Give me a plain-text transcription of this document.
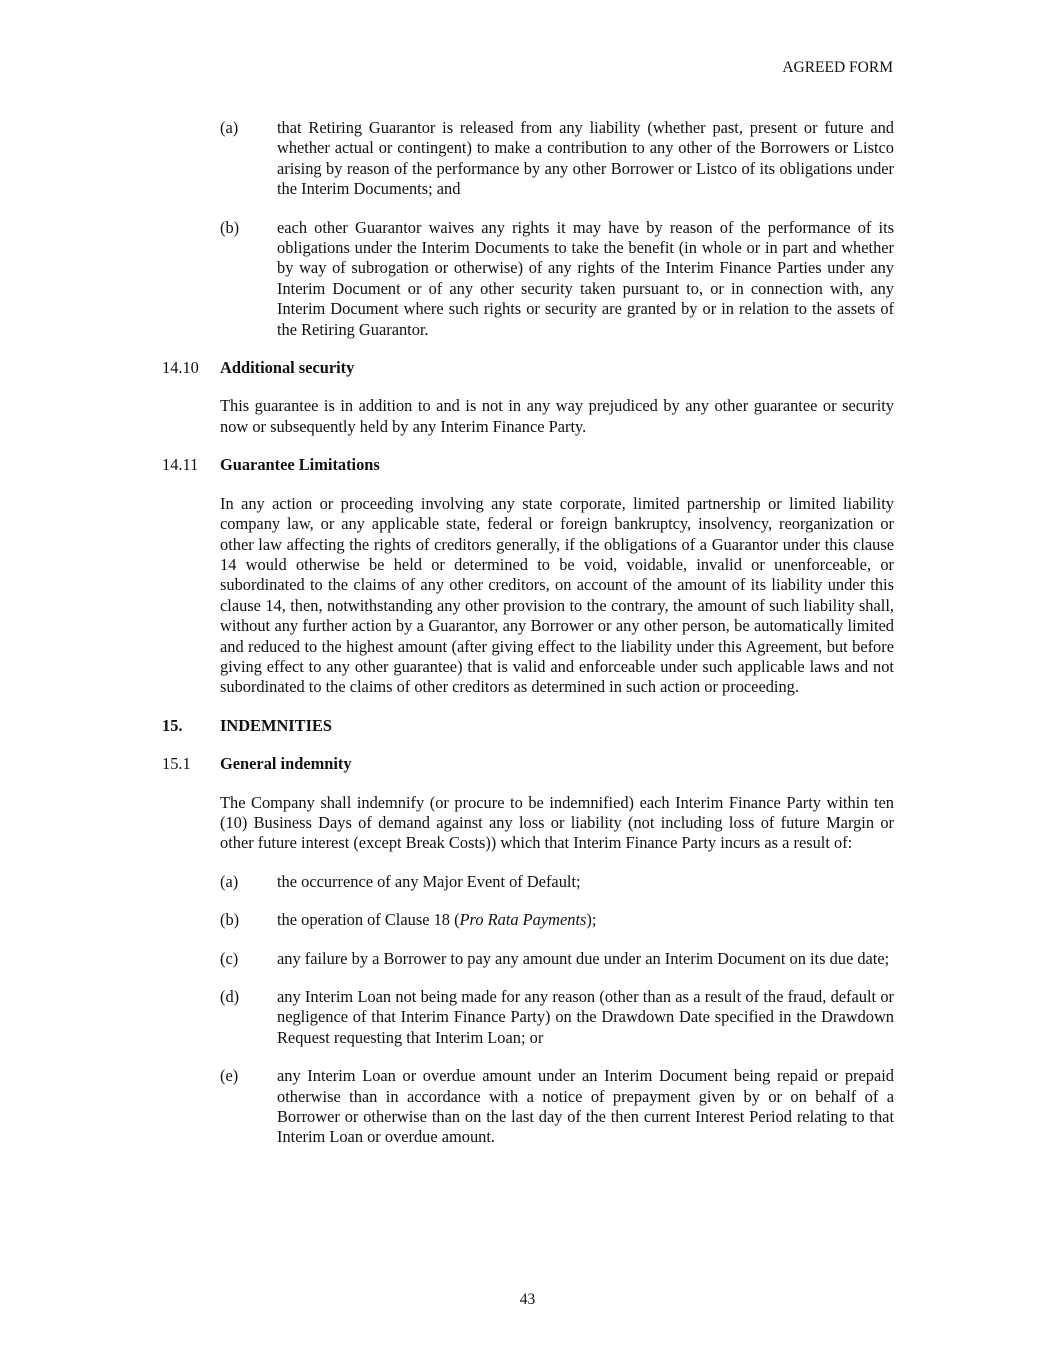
AGREED FORM
(a)	that Retiring Guarantor is released from any liability (whether past, present or future and whether actual or contingent) to make a contribution to any other of the Borrowers or Listco arising by reason of the performance by any other Borrower or Listco of its obligations under the Interim Documents; and
(b)	each other Guarantor waives any rights it may have by reason of the performance of its obligations under the Interim Documents to take the benefit (in whole or in part and whether by way of subrogation or otherwise) of any rights of the Interim Finance Parties under any Interim Document or of any other security taken pursuant to, or in connection with, any Interim Document where such rights or security are granted by or in relation to the assets of the Retiring Guarantor.
14.10	Additional security
This guarantee is in addition to and is not in any way prejudiced by any other guarantee or security now or subsequently held by any Interim Finance Party.
14.11	Guarantee Limitations
In any action or proceeding involving any state corporate, limited partnership or limited liability company law, or any applicable state, federal or foreign bankruptcy, insolvency, reorganization or other law affecting the rights of creditors generally, if the obligations of a Guarantor under this clause 14 would otherwise be held or determined to be void, voidable, invalid or unenforceable, or subordinated to the claims of any other creditors, on account of the amount of its liability under this clause 14, then, notwithstanding any other provision to the contrary, the amount of such liability shall, without any further action by a Guarantor, any Borrower or any other person, be automatically limited and reduced to the highest amount (after giving effect to the liability under this Agreement, but before giving effect to any other guarantee) that is valid and enforceable under such applicable laws and not subordinated to the claims of other creditors as determined in such action or proceeding.
15.	INDEMNITIES
15.1	General indemnity
The Company shall indemnify (or procure to be indemnified) each Interim Finance Party within ten (10) Business Days of demand against any loss or liability (not including loss of future Margin or other future interest (except Break Costs)) which that Interim Finance Party incurs as a result of:
(a)	the occurrence of any Major Event of Default;
(b)	the operation of Clause 18 (Pro Rata Payments);
(c)	any failure by a Borrower to pay any amount due under an Interim Document on its due date;
(d)	any Interim Loan not being made for any reason (other than as a result of the fraud, default or negligence of that Interim Finance Party) on the Drawdown Date specified in the Drawdown Request requesting that Interim Loan; or
(e)	any Interim Loan or overdue amount under an Interim Document being repaid or prepaid otherwise than in accordance with a notice of prepayment given by or on behalf of a Borrower or otherwise than on the last day of the then current Interest Period relating to that Interim Loan or overdue amount.
43
